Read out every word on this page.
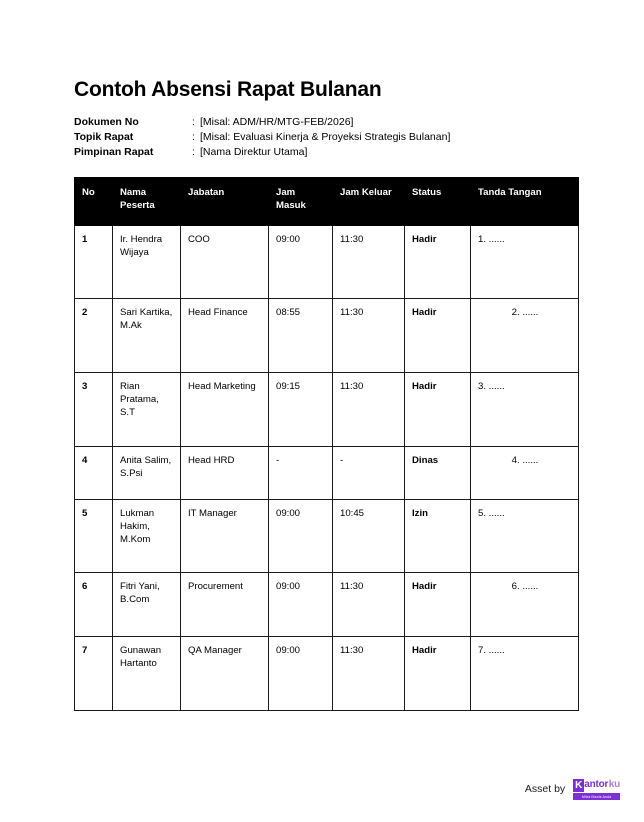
Contoh Absensi Rapat Bulanan
Dokumen No	: [Misal: ADM/HR/MTG-FEB/2026]
Topik Rapat	: [Misal: Evaluasi Kinerja & Proyeksi Strategis Bulanan]
Pimpinan Rapat	: [Nama Direktur Utama]
No	Nama Peserta	Jabatan	Jam Masuk	Jam Keluar	Status	Tanda Tangan
1	Ir. Hendra Wijaya	COO	09:00	11:30	Hadir	1. ......
2	Sari Kartika, M.Ak	Head Finance	08:55	11:30	Hadir	2. ......
3	Rian Pratama, S.T	Head Marketing	09:15	11:30	Hadir	3. ......
4	Anita Salim, S.Psi	Head HRD	-	-	Dinas	4. ......
5	Lukman Hakim, M.Kom	IT Manager	09:00	10:45	Izin	5. ......
6	Fitri Yani, B.Com	Procurement	09:00	11:30	Hadir	6. ......
7	Gunawan Hartanto	QA Manager	09:00	11:30	Hadir	7. ......
Asset by K antor ku
Mitra Bisnis Anda
